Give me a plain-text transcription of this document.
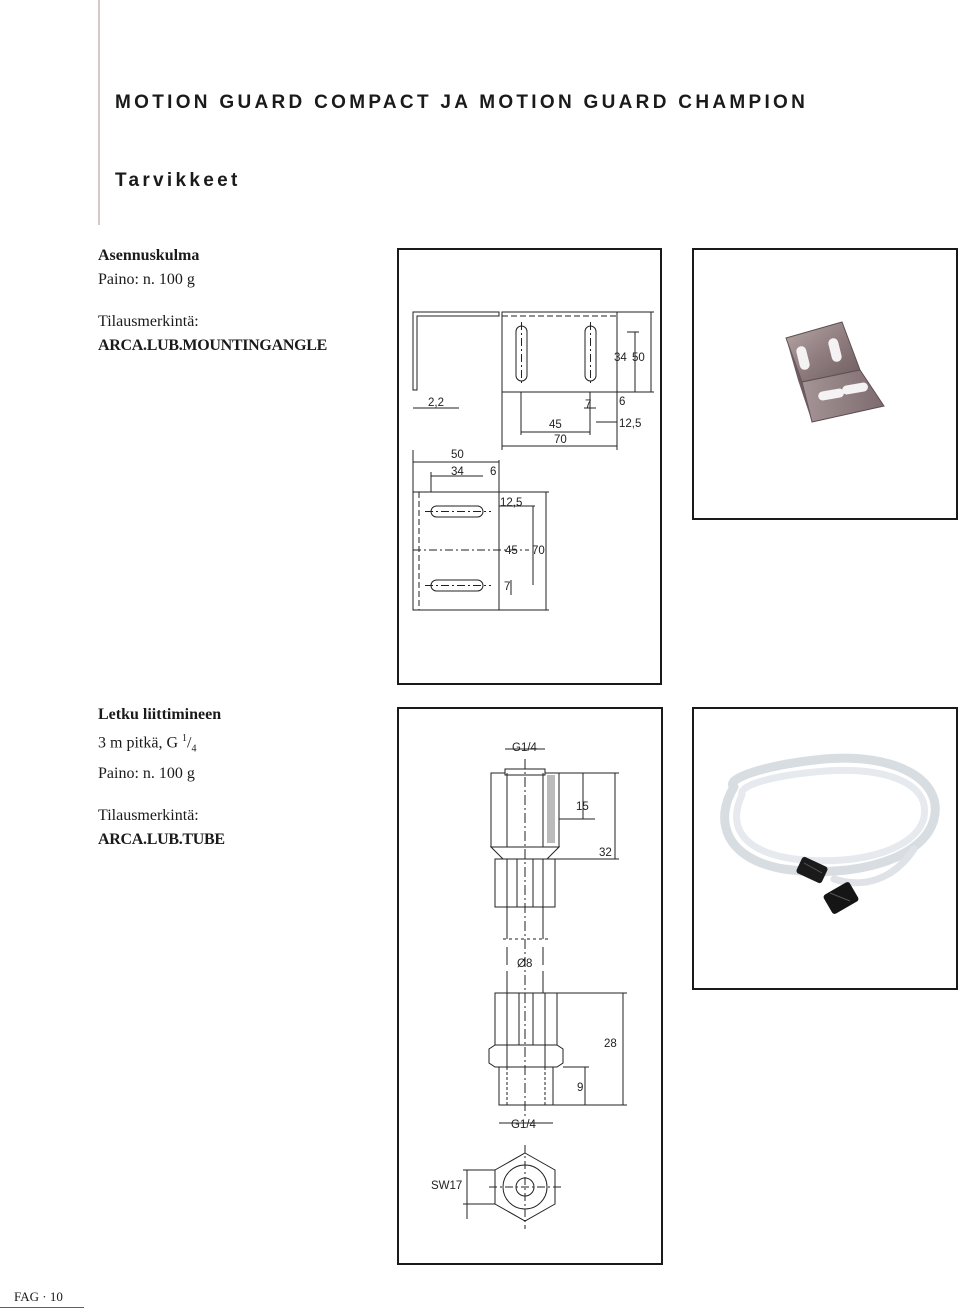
MOTION GUARD COMPACT JA MOTION GUARD CHAMPION
Tarvikkeet
Asennuskulma
Paino: n. 100 g
Tilausmerkintä:
ARCA.LUB.MOUNTINGANGLE
2,2
34 50
45
70
7 6
12,5
50
34 6
12,5
45 70
7
Letku liittimineen
3 m pitkä, G $^1/_4$
Paino: n. 100 g
Tilausmerkintä:
ARCA.LUB.TUBE
G1/4
15
32
Ø8
28
9
G1/4
SW17
FAG · 10
